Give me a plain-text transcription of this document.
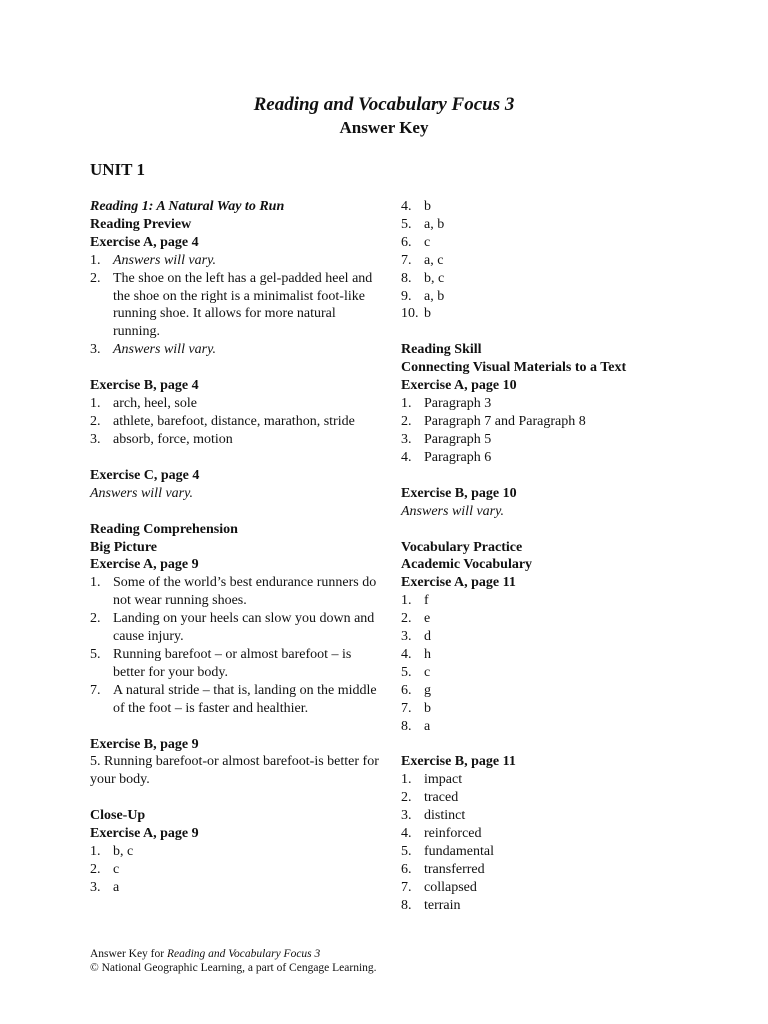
Reading and Vocabulary Focus 3
Answer Key
UNIT 1
Reading 1: A Natural Way to Run
Reading Preview
Exercise A, page 4
1. Answers will vary.
2. The shoe on the left has a gel-padded heel and the shoe on the right is a minimalist foot-like running shoe. It allows for more natural running.
3. Answers will vary.
Exercise B, page 4
1. arch, heel, sole
2. athlete, barefoot, distance, marathon, stride
3. absorb, force, motion
Exercise C, page 4
Answers will vary.
Reading Comprehension
Big Picture
Exercise A, page 9
1. Some of the world’s best endurance runners do not wear running shoes.
2. Landing on your heels can slow you down and cause injury.
5. Running barefoot – or almost barefoot – is better for your body.
7. A natural stride – that is, landing on the middle of the foot – is faster and healthier.
Exercise B, page 9
5. Running barefoot-or almost barefoot-is better for your body.
Close-Up
Exercise A, page 9
1. b, c
2. c
3. a
4. b
5. a, b
6. c
7. a, c
8. b, c
9. a, b
10. b
Reading Skill
Connecting Visual Materials to a Text
Exercise A, page 10
1. Paragraph 3
2. Paragraph 7 and Paragraph 8
3. Paragraph 5
4. Paragraph 6
Exercise B, page 10
Answers will vary.
Vocabulary Practice
Academic Vocabulary
Exercise A, page 11
1. f
2. e
3. d
4. h
5. c
6. g
7. b
8. a
Exercise B, page 11
1. impact
2. traced
3. distinct
4. reinforced
5. fundamental
6. transferred
7. collapsed
8. terrain
Answer Key for Reading and Vocabulary Focus 3
© National Geographic Learning, a part of Cengage Learning.
